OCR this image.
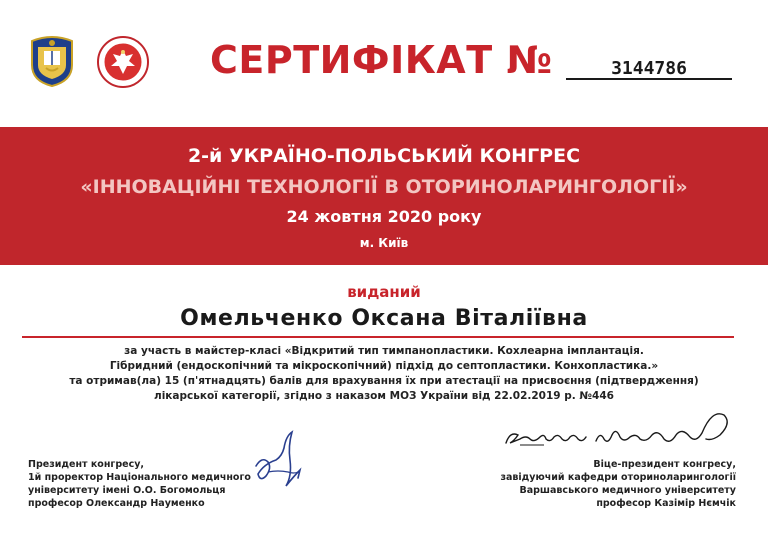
СЕРТИФІКАТ №	3144786
2-й УКРАЇНО-ПОЛЬСЬКИЙ КОНГРЕС
«ІННОВАЦІЙНІ ТЕХНОЛОГІЇ В ОТОРИНОЛАРИНГОЛОГІЇ»
24 жовтня 2020 року
м. Київ
виданий
Омельченко Оксана Віталіївна
за участь в майстер-класі «Відкритий тип тимпанопластики. Кохлеарна імплантація.
Гібридний (ендоскопічний та мікроскопічний) підхід до септопластики. Конхопластика.»
та отримав(ла) 15 (п'ятнадцять) балів для врахування їх при атестації на присвоєння (підтвердження)
лікарської категорії, згідно з наказом МОЗ України від 22.02.2019 р. №446
Президент конгресу,
1й проректор Національного медичного
університету імені О.О. Богомольця
професор Олександр Науменко
Віце-президент конгресу,
завідуючий кафедри оториноларингології
Варшавського медичного університету
професор Казімір Нємчік
